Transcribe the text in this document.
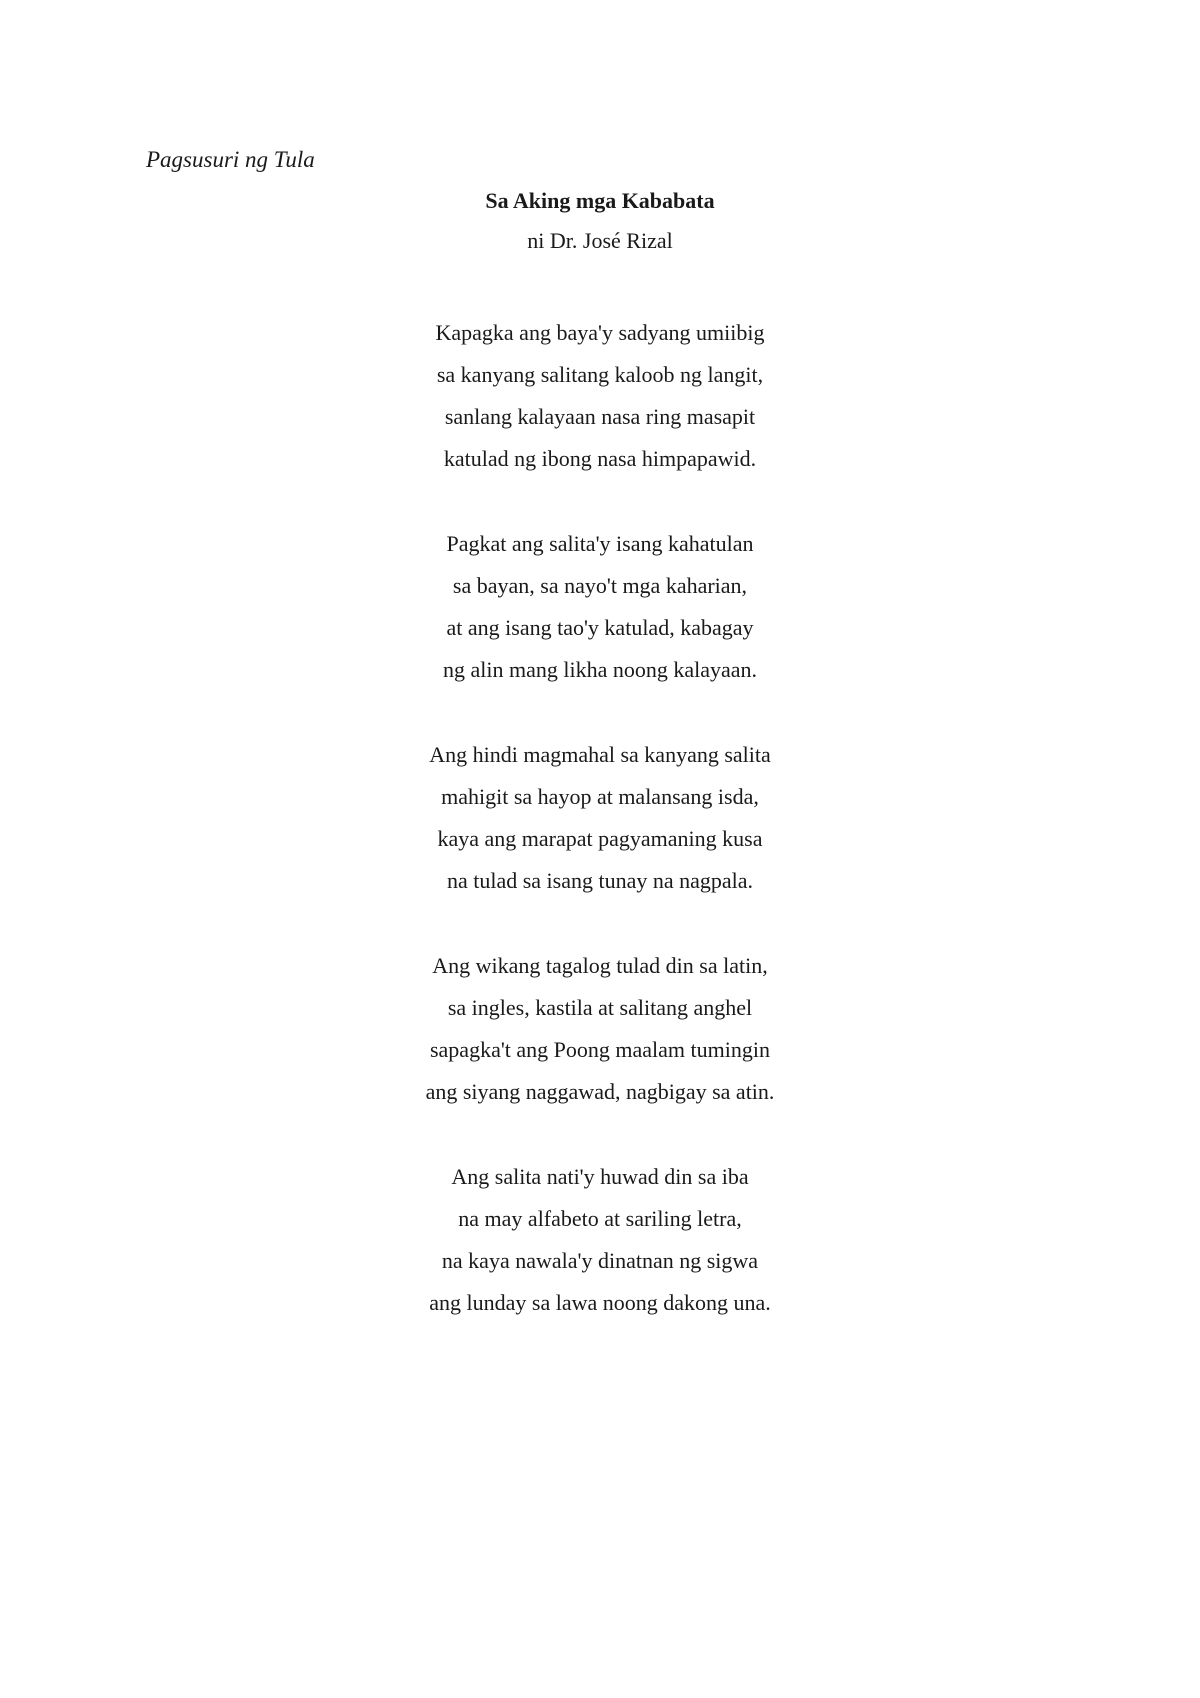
Pagsusuri ng Tula

Sa Aking mga Kababata

ni Dr. José Rizal

Kapagka ang baya'y sadyang umiibig
sa kanyang salitang kaloob ng langit,
sanlang kalayaan nasa ring masapit
katulad ng ibong nasa himpapawid.
Pagkat ang salita'y isang kahatulan
sa bayan, sa nayo't mga kaharian,
at ang isang tao'y katulad, kabagay
ng alin mang likha noong kalayaan.
Ang hindi magmahal sa kanyang salita
mahigit sa hayop at malansang isda,
kaya ang marapat pagyamaning kusa
na tulad sa isang tunay na nagpala.
Ang wikang tagalog tulad din sa latin,
sa ingles, kastila at salitang anghel
sapagka't ang Poong maalam tumingin
ang siyang naggawad, nagbigay sa atin.
Ang salita nati'y huwad din sa iba
na may alfabeto at sariling letra,
na kaya nawala'y dinatnan ng sigwa
ang lunday sa lawa noong dakong una.
